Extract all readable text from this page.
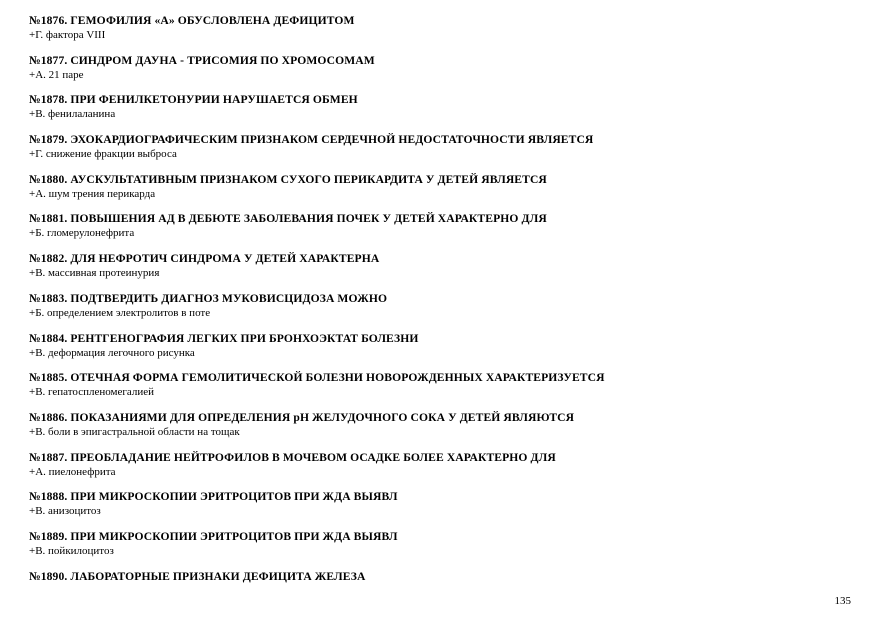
№1876. ГЕМОФИЛИЯ «А» ОБУСЛОВЛЕНА ДЕФИЦИТОМ
+Г. фактора VIII
№1877. СИНДРОМ ДАУНА - ТРИСОМИЯ ПО ХРОМОСОМАМ
+А. 21 паре
№1878. ПРИ ФЕНИЛКЕТОНУРИИ НАРУШАЕТСЯ ОБМЕН
+В. фенилаланина
№1879. ЭХОКАРДИОГРАФИЧЕСКИМ ПРИЗНАКОМ СЕРДЕЧНОЙ НЕДОСТАТОЧНОСТИ ЯВЛЯЕТСЯ
+Г. снижение фракции выброса
№1880. АУСКУЛЬТАТИВНЫМ ПРИЗНАКОМ СУХОГО ПЕРИКАРДИТА У ДЕТЕЙ ЯВЛЯЕТСЯ
+А. шум трения перикарда
№1881. ПОВЫШЕНИЯ АД В ДЕБЮТЕ ЗАБОЛЕВАНИЯ ПОЧЕК У ДЕТЕЙ ХАРАКТЕРНО ДЛЯ
+Б. гломерулонефрита
№1882. ДЛЯ НЕФРОТИЧ СИНДРОМА У ДЕТЕЙ ХАРАКТЕРНА
+В. массивная протеинурия
№1883. ПОДТВЕРДИТЬ ДИАГНОЗ МУКОВИСЦИДОЗА МОЖНО
+Б. определением электролитов в поте
№1884. РЕНТГЕНОГРАФИЯ ЛЕГКИХ ПРИ БРОНХОЭКТАТ БОЛЕЗНИ
+В. деформация легочного рисунка
№1885. ОТЕЧНАЯ ФОРМА ГЕМОЛИТИЧЕСКОЙ БОЛЕЗНИ НОВОРОЖДЕННЫХ ХАРАКТЕРИЗУЕТСЯ
+В. гепатоспленомегалией
№1886. ПОКАЗАНИЯМИ ДЛЯ ОПРЕДЕЛЕНИЯ pH ЖЕЛУДОЧНОГО СОКА У ДЕТЕЙ ЯВЛЯЮТСЯ
+В. боли в эпигастральной области на тощак
№1887. ПРЕОБЛАДАНИЕ НЕЙТРОФИЛОВ В МОЧЕВОМ ОСАДКЕ БОЛЕЕ ХАРАКТЕРНО ДЛЯ
+А. пиелонефрита
№1888. ПРИ МИКРОСКОПИИ ЭРИТРОЦИТОВ ПРИ ЖДА ВЫЯВЛ
+В. анизоцитоз
№1889. ПРИ МИКРОСКОПИИ ЭРИТРОЦИТОВ ПРИ ЖДА ВЫЯВЛ
+В. пойкилоцитоз
№1890. ЛАБОРАТОРНЫЕ ПРИЗНАКИ ДЕФИЦИТА ЖЕЛЕЗА
135
